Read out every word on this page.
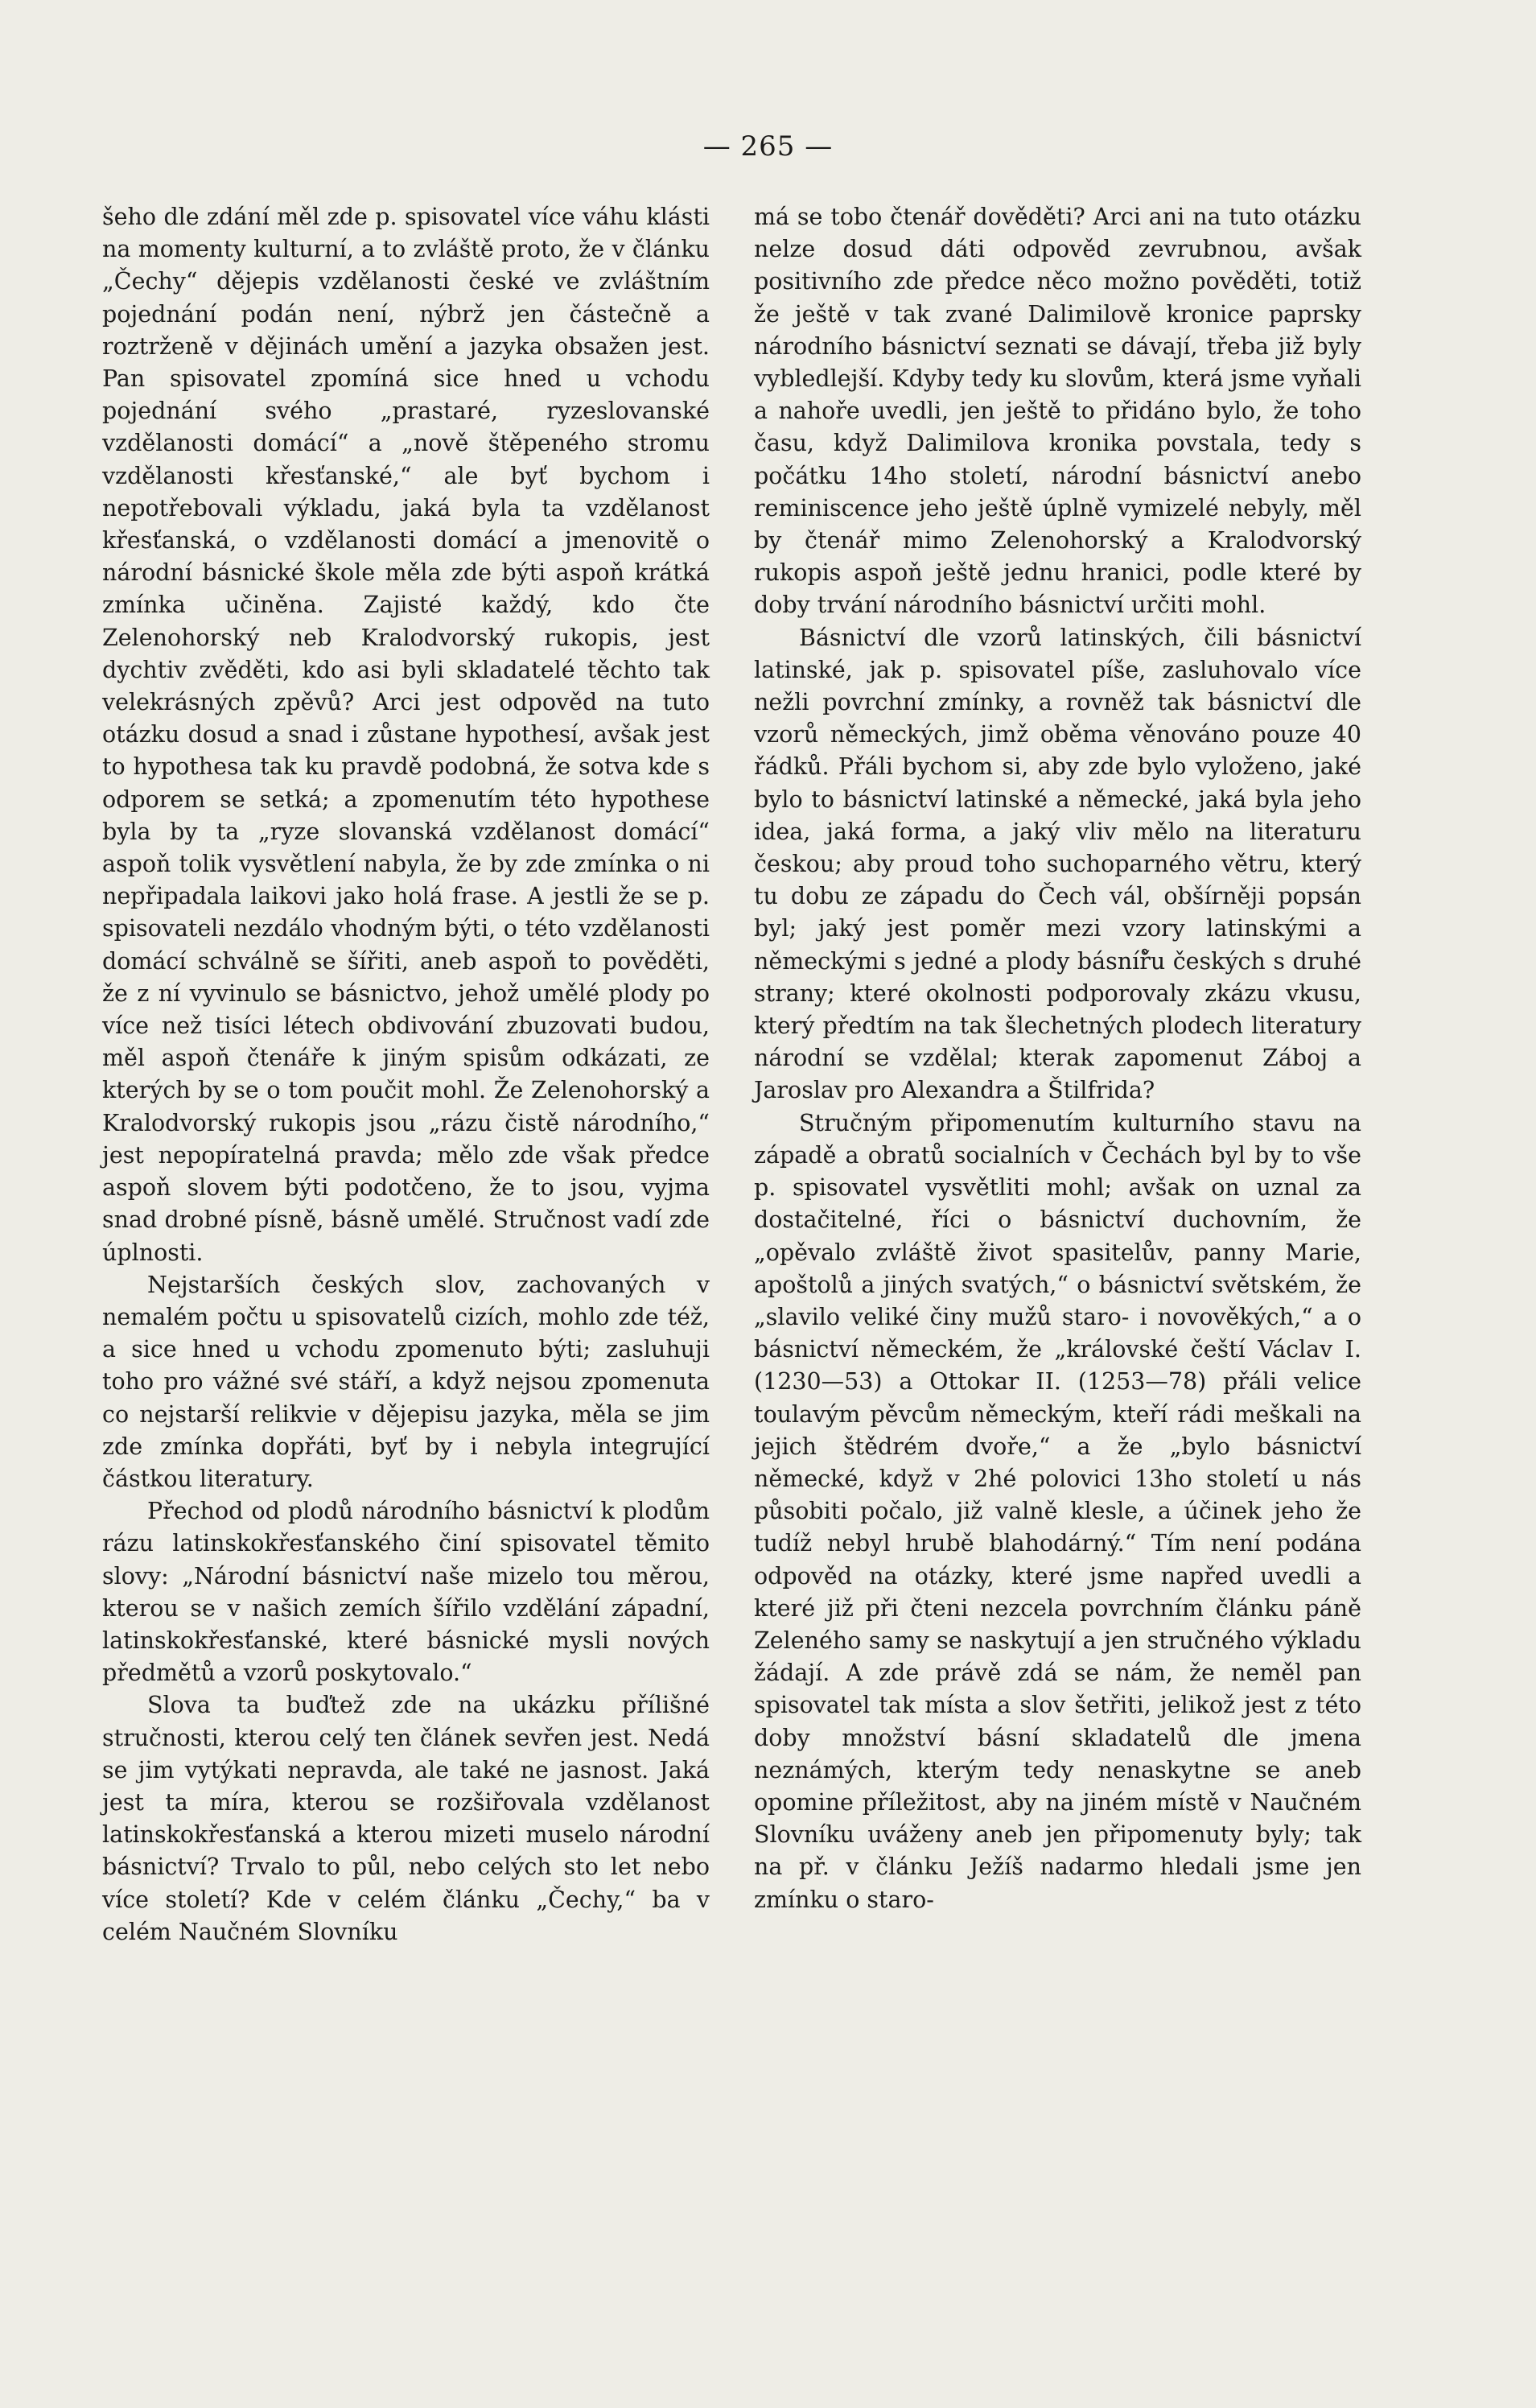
— 265 —

šeho dle zdání měl zde p. spisovatel více váhu klásti na momenty kulturní, a to zvláště proto, že v článku „Čechy“ dějepis vzdělanosti české ve zvláštním pojednání podán není, nýbrž jen částečně a roztrženě v dějinách umění a jazyka obsažen jest. Pan spisovatel zpomíná sice hned u vchodu pojednání svého „prastaré, ryzeslovanské vzdělanosti domácí“ a „nově štěpeného stromu vzdělanosti křesťanské,“ ale byť bychom i nepotřebovali výkladu, jaká byla ta vzdělanost křesťanská, o vzdělanosti domácí a jmenovitě o národní básnické škole měla zde býti aspoň krátká zmínka učiněna. Zajisté každý, kdo čte Zelenohorský neb Kralodvorský rukopis, jest dychtiv zvěděti, kdo asi byli skladatelé těchto tak velekrásných zpěvů? Arci jest odpověd na tuto otázku dosud a snad i zůstane hypothesí, avšak jest to hypothesa tak ku pravdě podobná, že sotva kde s odporem se setká; a zpomenutím této hypothese byla by ta „ryze slovanská vzdělanost domácí“ aspoň tolik vysvětlení nabyla, že by zde zmínka o ni nepřipadala laikovi jako holá frase. A jestli že se p. spisovateli nezdálo vhodným býti, o této vzdělanosti domácí schválně se šířiti, aneb aspoň to pověděti, že z ní vyvinulo se básnictvo, jehož umělé plody po více než tisíci létech obdivování zbuzovati budou, měl aspoň čtenáře k jiným spisům odkázati, ze kterých by se o tom poučit mohl. Že Zelenohorský a Kralodvorský rukopis jsou „rázu čistě národního,“ jest nepopíratelná pravda; mělo zde však předce aspoň slovem býti podotčeno, že to jsou, vyjma snad drobné písně, básně umělé. Stručnost vadí zde úplnosti.

Nejstarších českých slov, zachovaných v nemalém počtu u spisovatelů cizích, mohlo zde též, a sice hned u vchodu zpomenuto býti; zasluhuji toho pro vážné své stáří, a když nejsou zpomenuta co nejstarší relikvie v dějepisu jazyka, měla se jim zde zmínka dopřáti, byť by i nebyla integrující částkou literatury.

Přechod od plodů národního básnictví k plodům rázu latinskokřesťanského činí spisovatel těmito slovy: „Národní básnictví naše mizelo tou měrou, kterou se v našich zemích šířilo vzdělání západní, latinskokřesťanské, které básnické mysli nových předmětů a vzorů poskytovalo.“

Slova ta buďtež zde na ukázku přílišné stručnosti, kterou celý ten článek sevřen jest. Nedá se jim vytýkati nepravda, ale také ne jasnost. Jaká jest ta míra, kterou se rozšiřovala vzdělanost latinskokřesťanská a kterou mizeti muselo národní básnictví? Trvalo to půl, nebo celých sto let nebo více století? Kde v celém článku „Čechy,“ ba v celém Naučném Slovníku

má se tobo čtenář dověděti? Arci ani na tuto otázku nelze dosud dáti odpověd zevrubnou, avšak positivního zde předce něco možno pověděti, totiž že ještě v tak zvané Dalimilově kronice paprsky národního básnictví seznati se dávají, třeba již byly vybledlejší. Kdyby tedy ku slovům, která jsme vyňali a nahoře uvedli, jen ještě to přidáno bylo, že toho času, když Dalimilova kronika povstala, tedy s počátku 14ho století, národní básnictví anebo reminiscence jeho ještě úplně vymizelé nebyly, měl by čtenář mimo Zelenohorský a Kralodvorský rukopis aspoň ještě jednu hranici, podle které by doby trvání národního básnictví určiti mohl.

Básnictví dle vzorů latinských, čili básnictví latinské, jak p. spisovatel píše, zasluhovalo více nežli povrchní zmínky, a rovněž tak básnictví dle vzorů německých, jimž oběma věnováno pouze 40 řádků. Přáli bychom si, aby zde bylo vyloženo, jaké bylo to básnictví latinské a německé, jaká byla jeho idea, jaká forma, a jaký vliv mělo na literaturu českou; aby proud toho suchoparného větru, který tu dobu ze západu do Čech vál, obšírněji popsán byl; jaký jest poměr mezi vzory latinskými a německými s jedné a plody básníř̊u českých s druhé strany; které okolnosti podporovaly zkázu vkusu, který předtím na tak šlechetných plodech literatury národní se vzdělal; kterak zapomenut Záboj a Jaroslav pro Alexandra a Štilfrida?

Stručným připomenutím kulturního stavu na západě a obratů socialních v Čechách byl by to vše p. spisovatel vysvětliti mohl; avšak on uznal za dostačitelné, říci o básnictví duchovním, že „opěvalo zvláště život spasitelův, panny Marie, apoštolů a jiných svatých,“ o básnictví světském, že „slavilo veliké činy mužů staro- i novověkých,“ a o básnictví německém, že „královské čeští Václav I. (1230—53) a Ottokar II. (1253—78) přáli velice toulavým pěvcům německým, kteří rádi meškali na jejich štědrém dvoře,“ a že „bylo básnictví německé, když v 2hé polovici 13ho století u nás působiti počalo, již valně klesle, a účinek jeho že tudíž nebyl hrubě blahodárný.“ Tím není podána odpověd na otázky, které jsme napřed uvedli a které již při čteni nezcela povrchním článku páně Zeleného samy se naskytují a jen stručného výkladu žádají. A zde právě zdá se nám, že neměl pan spisovatel tak místa a slov šetřiti, jelikož jest z této doby množství básní skladatelů dle jmena neznámých, kterým tedy nenaskytne se aneb opomine příležitost, aby na jiném místě v Naučném Slovníku uváženy aneb jen připomenuty byly; tak na př. v článku Ježíš nadarmo hledali jsme jen zmínku o staro-
